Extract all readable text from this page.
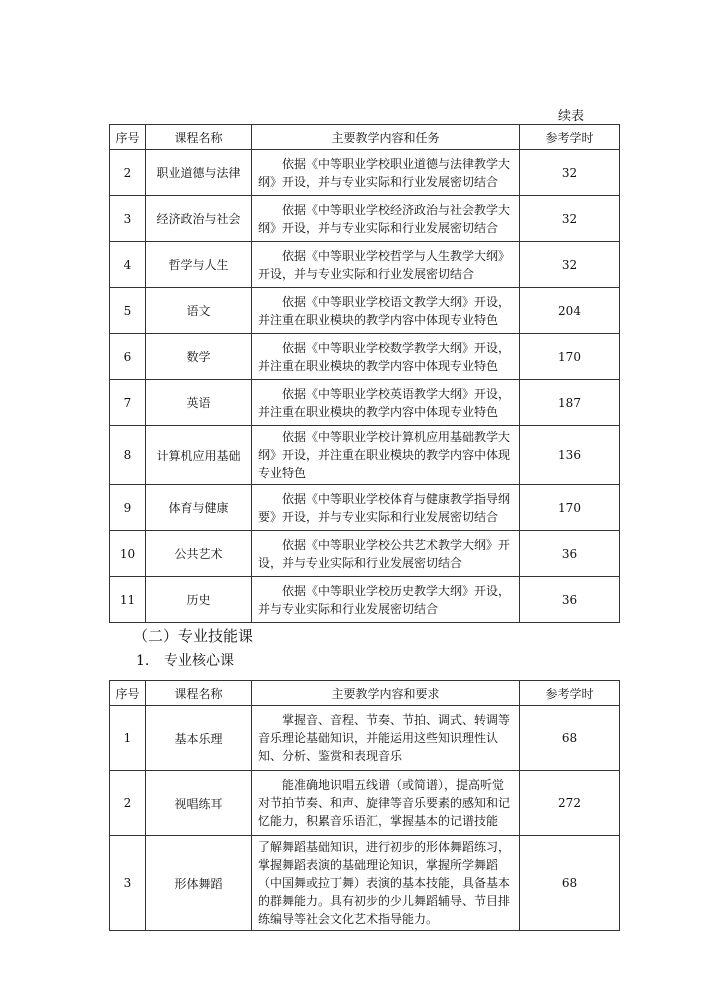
续表
序号	课程名称	主要教学内容和任务	参考学时
2	职业道德与法律	依据《中等职业学校职业道德与法律教学大纲》开设，并与专业实际和行业发展密切结合	32
3	经济政治与社会	依据《中等职业学校经济政治与社会教学大纲》开设，并与专业实际和行业发展密切结合	32
4	哲学与人生	依据《中等职业学校哲学与人生教学大纲》开设，并与专业实际和行业发展密切结合	32
5	语文	依据《中等职业学校语文教学大纲》开设，并注重在职业模块的教学内容中体现专业特色	204
6	数学	依据《中等职业学校数学教学大纲》开设，并注重在职业模块的教学内容中体现专业特色	170
7	英语	依据《中等职业学校英语教学大纲》开设，并注重在职业模块的教学内容中体现专业特色	187
8	计算机应用基础	依据《中等职业学校计算机应用基础教学大纲》开设，并注重在职业模块的教学内容中体现专业特色	136
9	体育与健康	依据《中等职业学校体育与健康教学指导纲要》开设，并与专业实际和行业发展密切结合	170
10	公共艺术	依据《中等职业学校公共艺术教学大纲》开设，并与专业实际和行业发展密切结合	36
11	历史	依据《中等职业学校历史教学大纲》开设，并与专业实际和行业发展密切结合	36
（二）专业技能课
1. 专业核心课
序号	课程名称	主要教学内容和要求	参考学时
1	基本乐理	掌握音、音程、节奏、节拍、调式、转调等音乐理论基础知识，并能运用这些知识理性认知、分析、鉴赏和表现音乐	68
2	视唱练耳	能准确地识唱五线谱（或简谱），提高听觉对节拍节奏、和声、旋律等音乐要素的感知和记忆能力，积累音乐语汇，掌握基本的记谱技能	272
3	形体舞蹈	了解舞蹈基础知识，进行初步的形体舞蹈练习，掌握舞蹈表演的基础理论知识，掌握所学舞蹈（中国舞或拉丁舞）表演的基本技能，具备基本的群舞能力。具有初步的少儿舞蹈辅导、节目排练编导等社会文化艺术指导能力。	68
